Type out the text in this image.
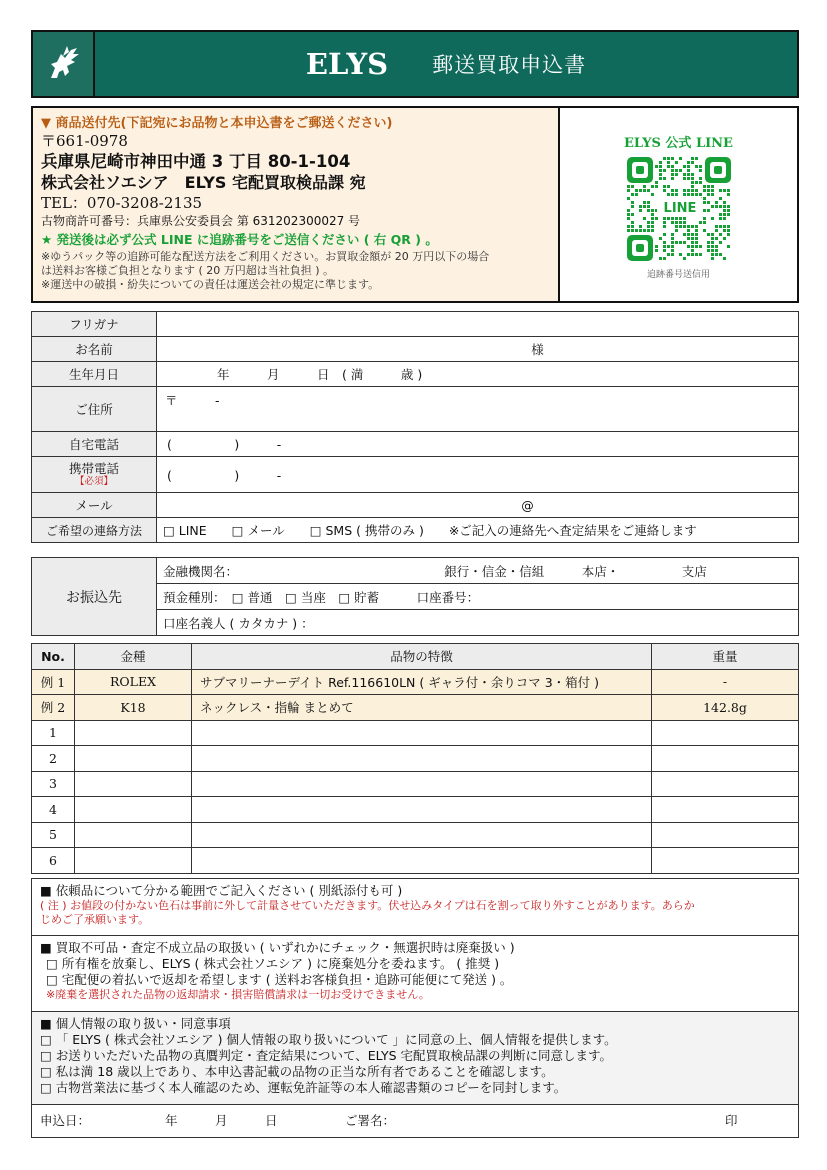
ELYS 郵送買取申込書
▼ 商品送付先(下記宛にお品物と本申込書をご郵送ください)
〒661-0978
兵庫県尼崎市神田中通 3 丁目 80-1-104
株式会社ソエシア　ELYS 宅配買取検品課 宛
TEL：070-3208-2135
古物商許可番号：兵庫県公安委員会 第 631202300027 号
★ 発送後は必ず公式 LINE に追跡番号をご送信ください ( 右 QR ) 。
※ゆうパック等の追跡可能な配送方法をご利用ください。お買取金額が 20 万円以下の場合
は送料お客様ご負担となります ( 20 万円超は当社負担 ) 。
※運送中の破損・紛失についての責任は運送会社の規定に準じます。
ELYS 公式 LINE
LINE
追跡番号送信用
フリガナ	
お名前	様
生年月日	年　　　月　　　日　( 満　　　歳 )
ご住所	〒　　　-
自宅電話	(　　　　　)　　　-

携帯電話
【必須】	(　　　　　)　　　-
メール	@
ご希望の連絡方法	□ LINE　　□ メール　　□ SMS ( 携帯のみ )　　※ご記入の連絡先へ査定結果をご連絡します
お振込先	金融機関名：　　　　　　　　　　　　　　　　　銀行・信金・信組　　　本店・　　　　　支店
預金種別：　□ 普通　□ 当座　□ 貯蓄　　　口座番号：
口座名義人 ( カタカナ ) ：
No.	金種	品物の特徴	重量
例 1	ROLEX	サブマリーナーデイト Ref.116610LN ( ギャラ付・余りコマ 3・箱付 )	-
例 2	K18	ネックレス・指輪 まとめて	142.8g
1			
2			
3			
4			
5			
6			
■ 依頼品について分かる範囲でご記入ください ( 別紙添付も可 )
( 注 ) お値段の付かない色石は事前に外して計量させていただきます。伏せ込みタイプは石を割って取り外すことがあります。あらか
じめご了承願います。
■ 買取不可品・査定不成立品の取扱い ( いずれかにチェック・無選択時は廃棄扱い )
□ 所有権を放棄し、ELYS ( 株式会社ソエシア ) に廃棄処分を委ねます。 ( 推奨 )
□ 宅配便の着払いで返却を希望します ( 送料お客様負担・追跡可能便にて発送 ) 。
※廃棄を選択された品物の返却請求・損害賠償請求は一切お受けできません。
■ 個人情報の取り扱い・同意事項
□ 「 ELYS ( 株式会社ソエシア ) 個人情報の取り扱いについて 」に同意の上、個人情報を提供します。
□ お送りいただいた品物の真贋判定・査定結果について、ELYS 宅配買取検品課の判断に同意します。
□ 私は満 18 歳以上であり、本申込書記載の品物の正当な所有者であることを確認します。
□ 古物営業法に基づく本人確認のため、運転免許証等の本人確認書類のコピーを同封します。
申込日：	年　　　月　　　日	ご署名：	印
